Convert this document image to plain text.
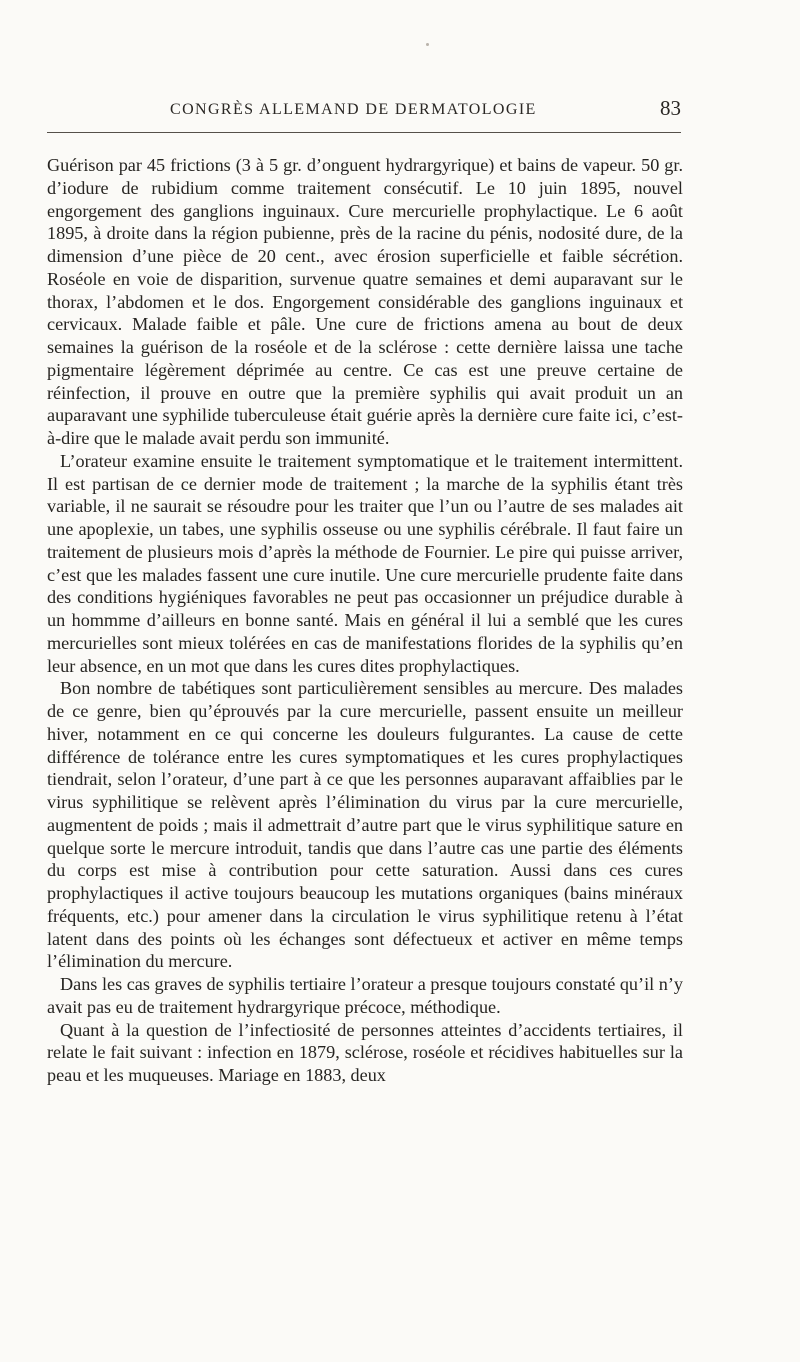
CONGRÈS ALLEMAND DE DERMATOLOGIE	83

Guérison par 45 frictions (3 à 5 gr. d’onguent hydrargyrique) et bains de vapeur. 50 gr. d’iodure de rubidium comme traitement consécutif. Le 10 juin 1895, nouvel engorgement des ganglions inguinaux. Cure mercurielle prophylactique. Le 6 août 1895, à droite dans la région pubienne, près de la racine du pénis, nodosité dure, de la dimension d’une pièce de 20 cent., avec érosion superficielle et faible sécrétion. Roséole en voie de disparition, survenue quatre semaines et demi auparavant sur le thorax, l’abdomen et le dos. Engorgement considérable des ganglions inguinaux et cervicaux. Malade faible et pâle. Une cure de frictions amena au bout de deux semaines la guérison de la roséole et de la sclérose : cette dernière laissa une tache pigmentaire légèrement déprimée au centre. Ce cas est une preuve certaine de réinfection, il prouve en outre que la première syphilis qui avait produit un an auparavant une syphilide tuberculeuse était guérie après la dernière cure faite ici, c’est-à-dire que le malade avait perdu son immunité.

L’orateur examine ensuite le traitement symptomatique et le traitement intermittent. Il est partisan de ce dernier mode de traitement ; la marche de la syphilis étant très variable, il ne saurait se résoudre pour les traiter que l’un ou l’autre de ses malades ait une apoplexie, un tabes, une syphilis osseuse ou une syphilis cérébrale. Il faut faire un traitement de plusieurs mois d’après la méthode de Fournier. Le pire qui puisse arriver, c’est que les malades fassent une cure inutile. Une cure mercurielle prudente faite dans des conditions hygiéniques favorables ne peut pas occasionner un préjudice durable à un hommme d’ailleurs en bonne santé. Mais en général il lui a semblé que les cures mercurielles sont mieux tolérées en cas de manifestations florides de la syphilis qu’en leur absence, en un mot que dans les cures dites prophylactiques.

Bon nombre de tabétiques sont particulièrement sensibles au mercure. Des malades de ce genre, bien qu’éprouvés par la cure mercurielle, passent ensuite un meilleur hiver, notamment en ce qui concerne les douleurs fulgurantes. La cause de cette différence de tolérance entre les cures symptomatiques et les cures prophylactiques tiendrait, selon l’orateur, d’une part à ce que les personnes auparavant affaiblies par le virus syphilitique se relèvent après l’élimination du virus par la cure mercurielle, augmentent de poids ; mais il admettrait d’autre part que le virus syphilitique sature en quelque sorte le mercure introduit, tandis que dans l’autre cas une partie des éléments du corps est mise à contribution pour cette saturation. Aussi dans ces cures prophylactiques il active toujours beaucoup les mutations organiques (bains minéraux fréquents, etc.) pour amener dans la circulation le virus syphilitique retenu à l’état latent dans des points où les échanges sont défectueux et activer en même temps l’élimination du mercure.

Dans les cas graves de syphilis tertiaire l’orateur a presque toujours constaté qu’il n’y avait pas eu de traitement hydrargyrique précoce, méthodique.

Quant à la question de l’infectiosité de personnes atteintes d’accidents tertiaires, il relate le fait suivant : infection en 1879, sclérose, roséole et récidives habituelles sur la peau et les muqueuses. Mariage en 1883, deux
